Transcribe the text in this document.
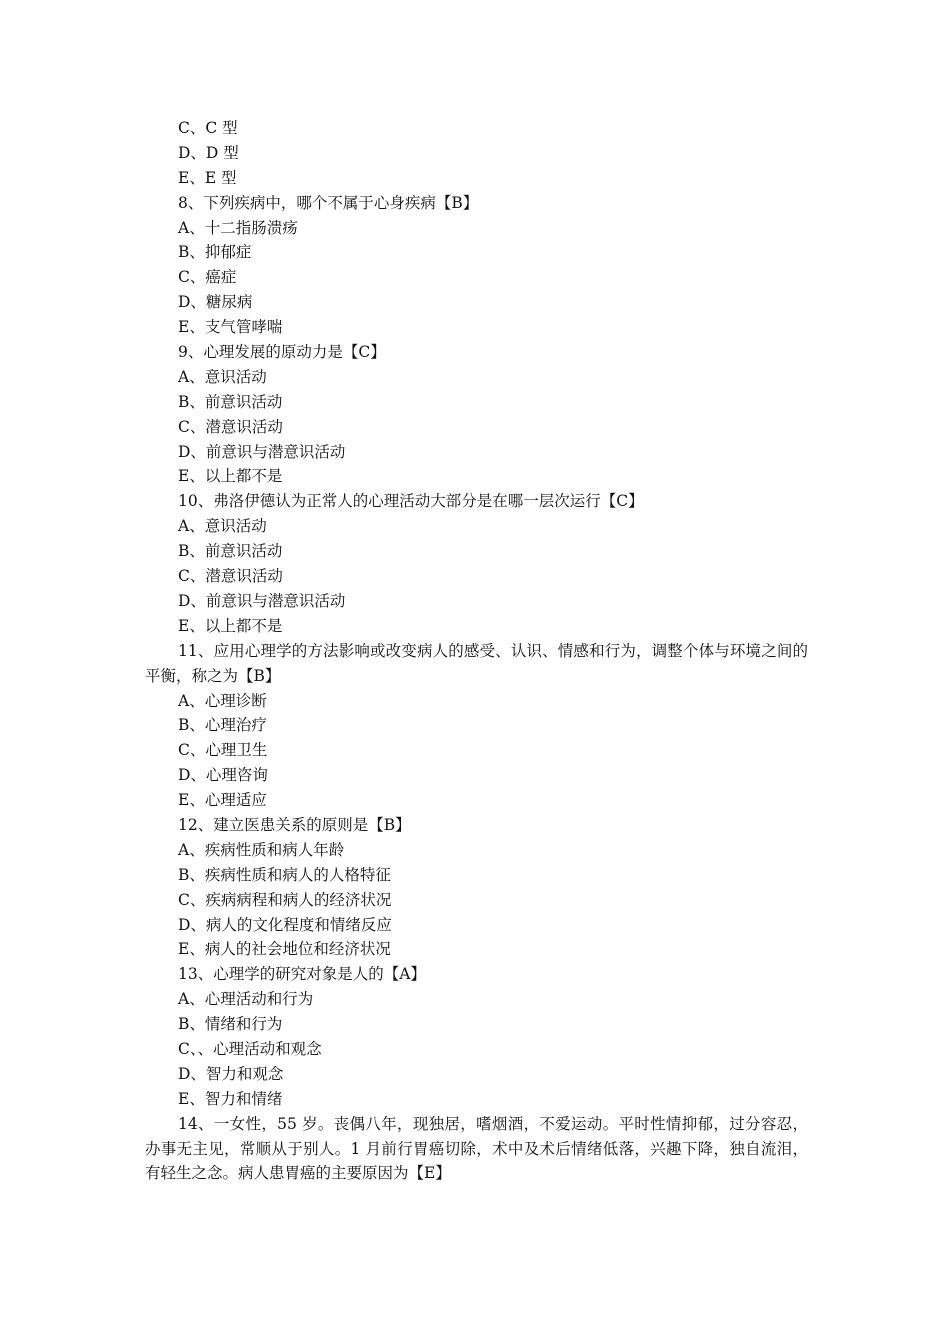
C、C 型
D、D 型
E、E 型
8、下列疾病中，哪个不属于心身疾病【B】
A、十二指肠溃疡
B、抑郁症
C、癌症
D、糖尿病
E、支气管哮喘
9、心理发展的原动力是【C】
A、意识活动
B、前意识活动
C、潜意识活动
D、前意识与潜意识活动
E、以上都不是
10、弗洛伊德认为正常人的心理活动大部分是在哪一层次运行【C】
A、意识活动
B、前意识活动
C、潜意识活动
D、前意识与潜意识活动
E、以上都不是
11、应用心理学的方法影响或改变病人的感受、认识、情感和行为，调整个体与环境之间的平衡，称之为【B】
A、心理诊断
B、心理治疗
C、心理卫生
D、心理咨询
E、心理适应
12、建立医患关系的原则是【B】
A、疾病性质和病人年龄
B、疾病性质和病人的人格特征
C、疾病病程和病人的经济状况
D、病人的文化程度和情绪反应
E、病人的社会地位和经济状况
13、心理学的研究对象是人的【A】
A、心理活动和行为
B、情绪和行为
C、、心理活动和观念
D、智力和观念
E、智力和情绪
14、一女性，55 岁。丧偶八年，现独居，嗜烟酒，不爱运动。平时性情抑郁，过分容忍，办事无主见，常顺从于别人。1 月前行胃癌切除，术中及术后情绪低落，兴趣下降，独自流泪，有轻生之念。病人患胃癌的主要原因为【E】
